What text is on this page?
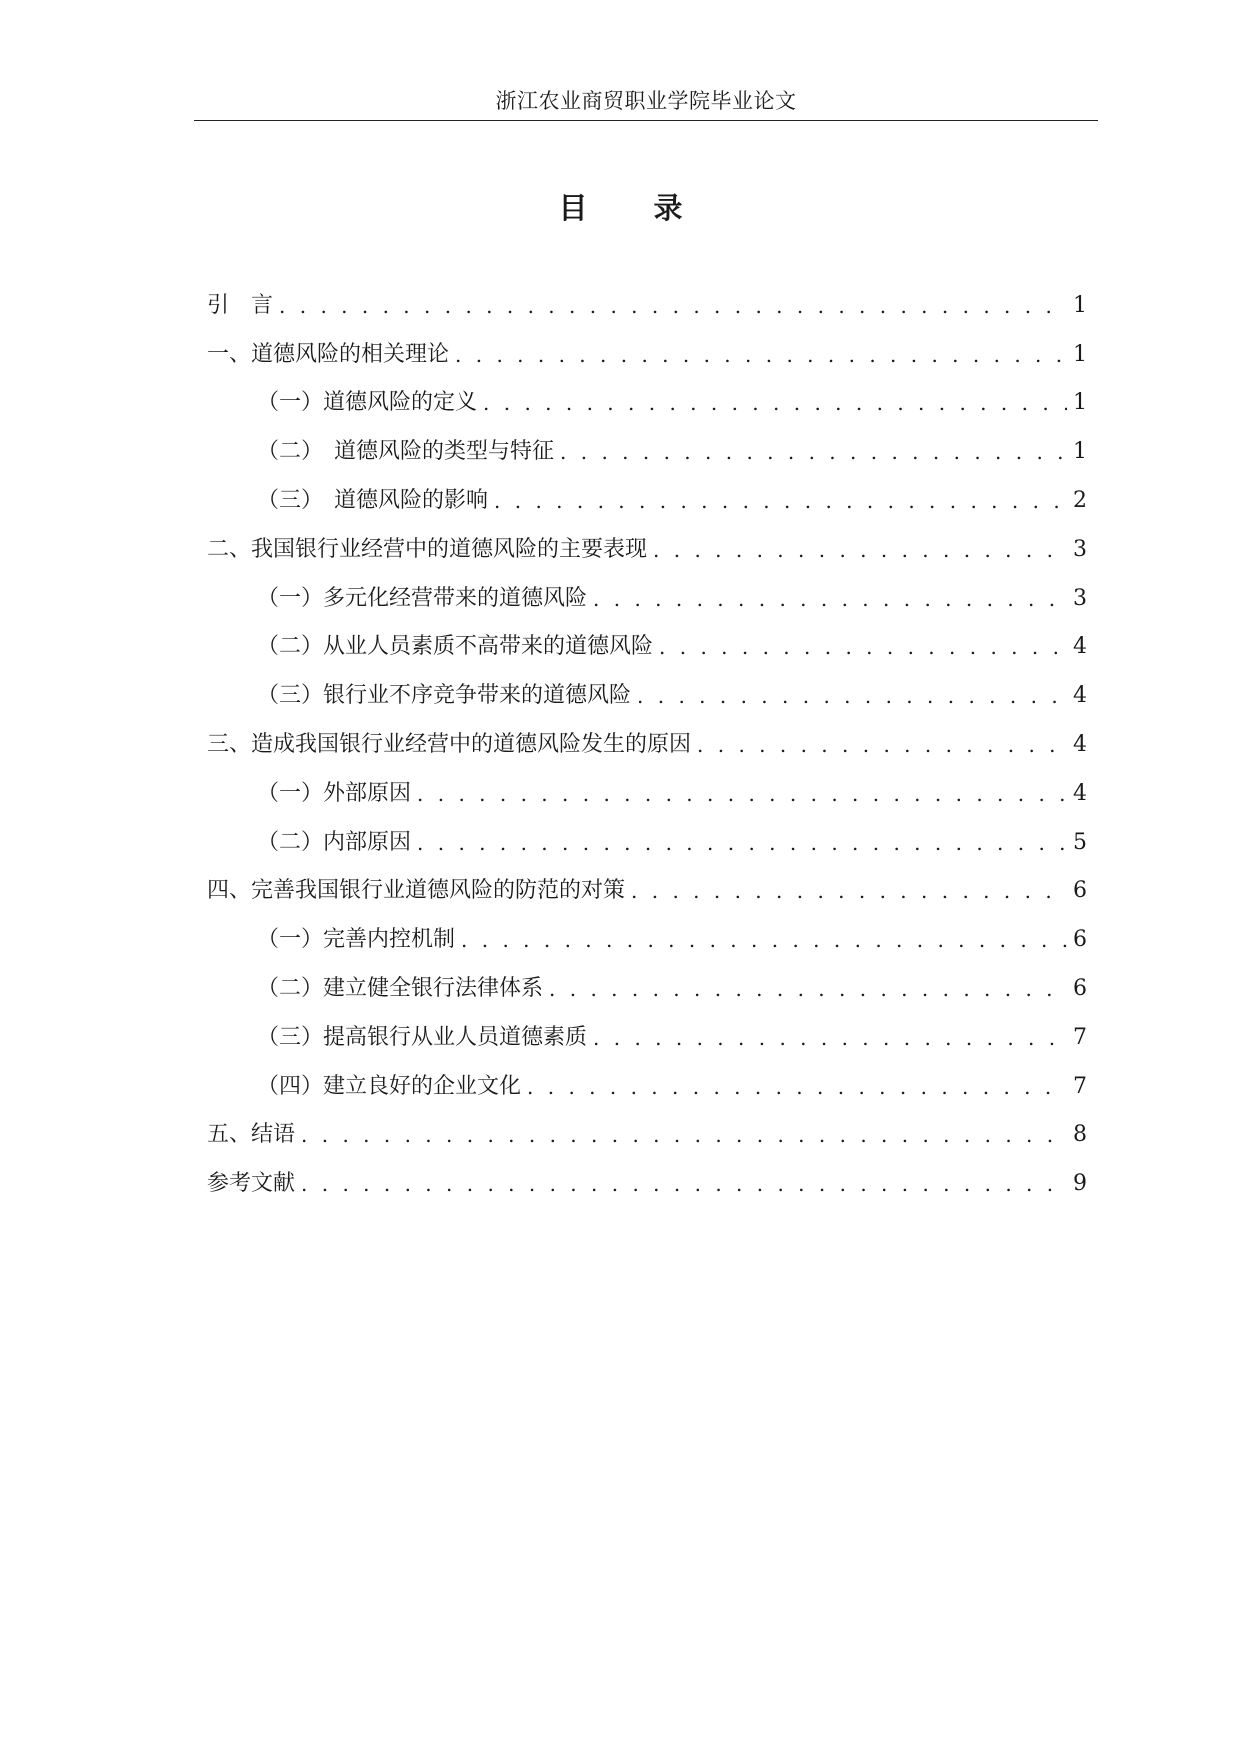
浙江农业商贸职业学院毕业论文
目 录
引　言 . . .	1
一、道德风险的相关理论 . . .	1
（一）道德风险的定义 . . .	1
（二）　道德风险的类型与特征 . . .	1
（三）　道德风险的影响 . . .	2
二、我国银行业经营中的道德风险的主要表现 . . .	3
（一）多元化经营带来的道德风险 . . .	3
（二）从业人员素质不高带来的道德风险 . . .	4
（三）银行业不序竞争带来的道德风险 . . .	4
三、造成我国银行业经营中的道德风险发生的原因 . . .	4
（一）外部原因 . . .	4
（二）内部原因 . . .	5
四、完善我国银行业道德风险的防范的对策 . . .	6
（一）完善内控机制 . . .	6
（二）建立健全银行法律体系 . . .	6
（三）提高银行从业人员道德素质 . . .	7
（四）建立良好的企业文化 . . .	7
五、结语 . . .	8
参考文献 . . .	9
